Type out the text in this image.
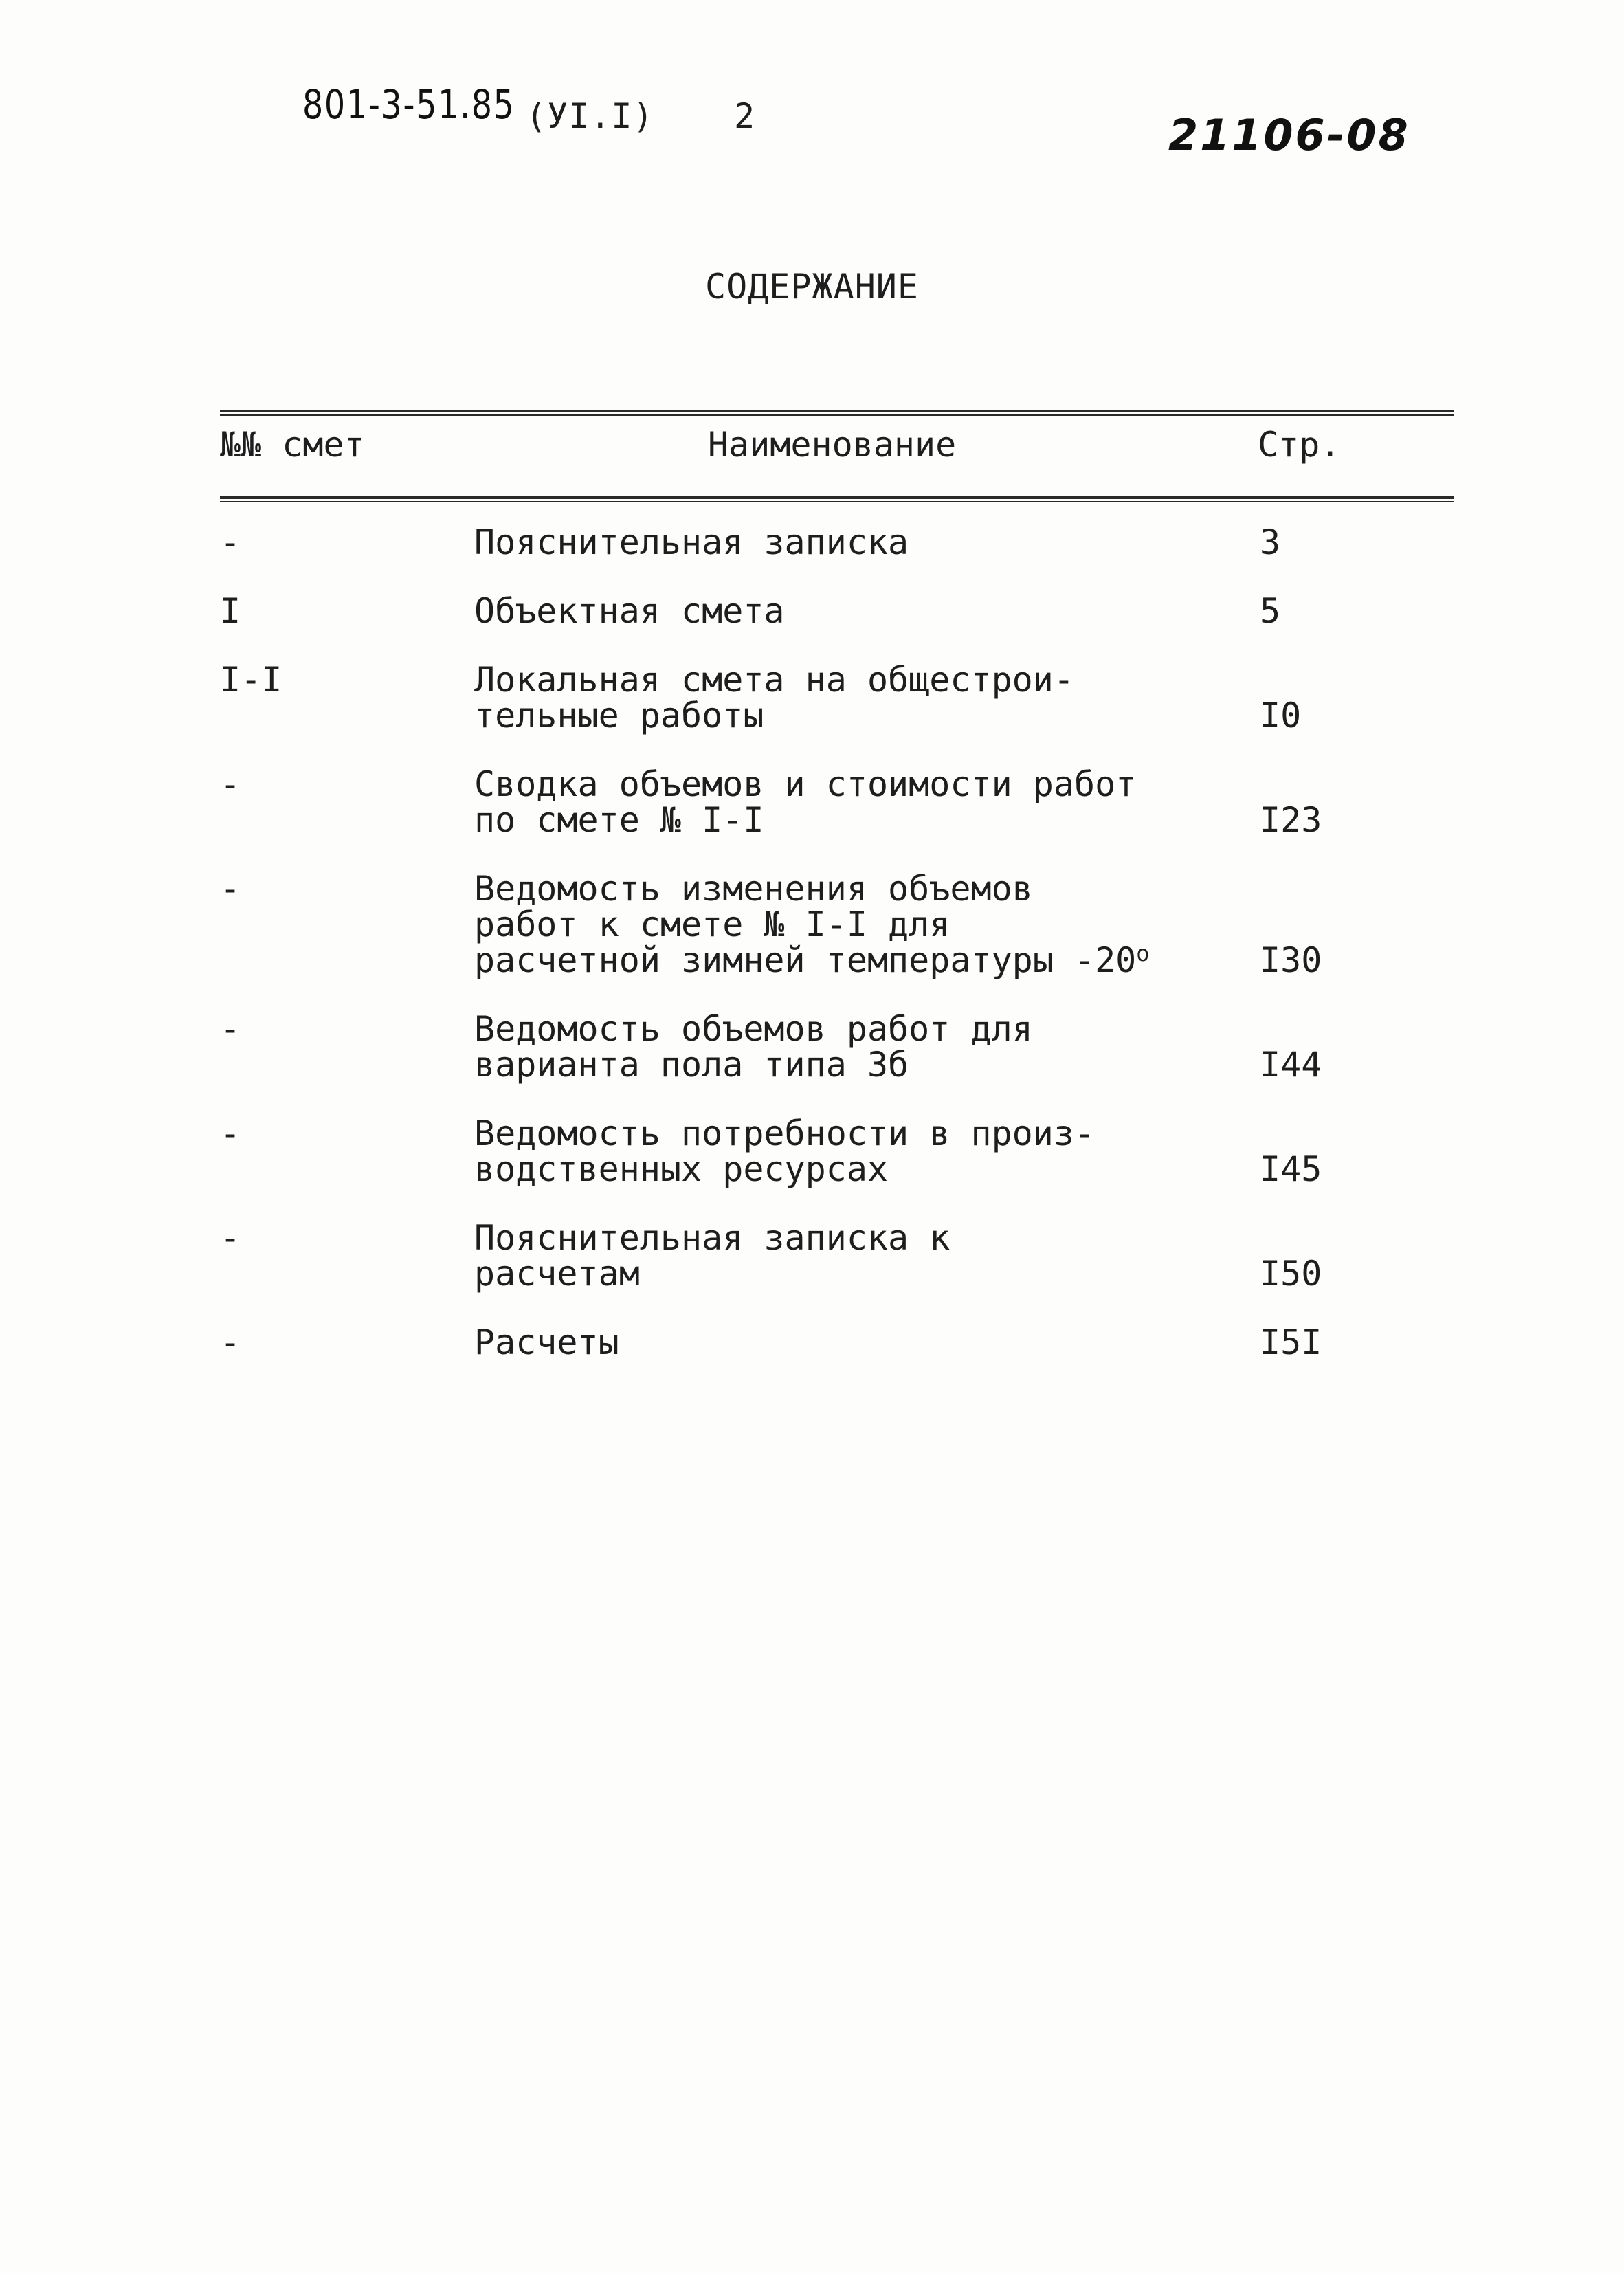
801-3-51.85 (УI.I) 2	21106-08
СОДЕРЖАНИЕ
№№ смет	Наименование	Стр.
-	Пояснительная записка	3
I	Объектная смета	5
I-I	Локальная смета на общестрои-
тельные работы	I0
-	Сводка объемов и стоимости работ
по смете № I-I	I23
-	Ведомость изменения объемов
работ к смете № I-I для
расчетной зимней температуры $-20^о$	I30
-	Ведомость объемов работ для
варианта пола типа 3б	I44
-	Ведомость потребности в произ-
водственных ресурсах	I45
-	Пояснительная записка к
расчетам	I50
-	Расчеты	I5I
